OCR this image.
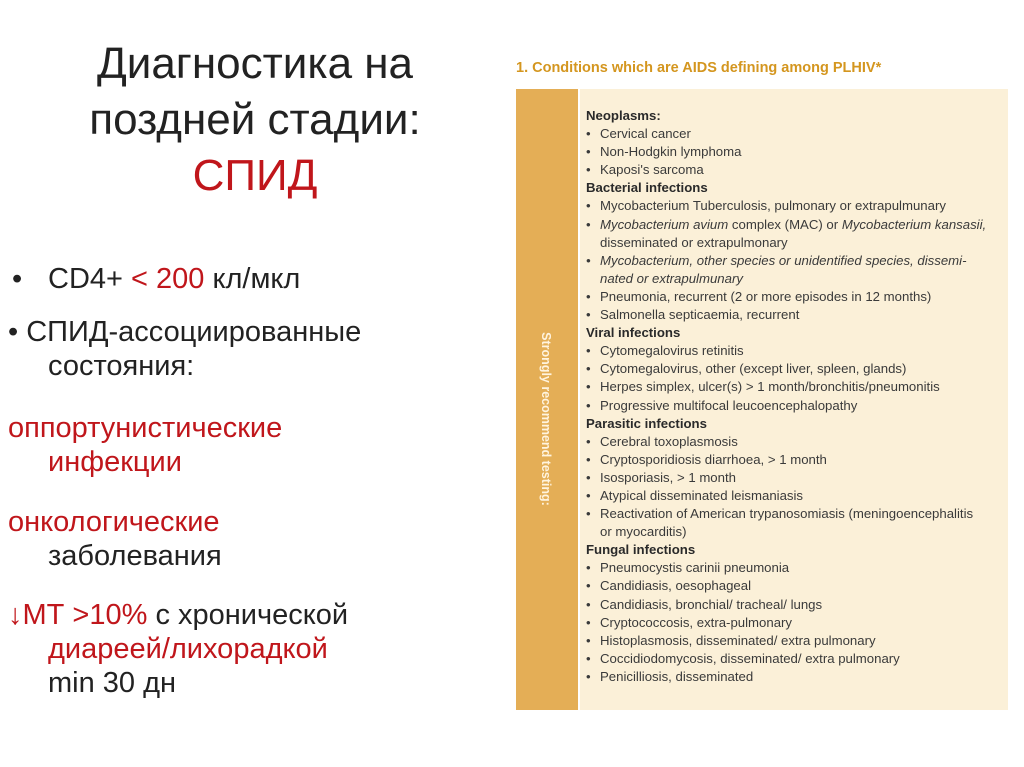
Диагностика на
поздней стадии:
СПИД
• CD4+ < 200 кл/мкл
• СПИД-ассоциированные
состояния:
оппортунистические
инфекции
онкологические
заболевания
↓МТ >10% с хронической
диареей/лихорадкой
min 30 дн
1. Conditions which are AIDS defining among PLHIV*
Strongly recommend testing:
Neoplasms:
• Cervical cancer
• Non-Hodgkin lymphoma
• Kaposi's sarcoma
Bacterial infections
• Mycobacterium Tuberculosis, pulmonary or extrapulmunary
• Mycobacterium avium complex (MAC) or Mycobacterium kansasii,
disseminated or extrapulmonary
• Mycobacterium, other species or unidentified species, dissemi-
nated or extrapulmunary
• Pneumonia, recurrent (2 or more episodes in 12 months)
• Salmonella septicaemia, recurrent
Viral infections
• Cytomegalovirus retinitis
• Cytomegalovirus, other (except liver, spleen, glands)
• Herpes simplex, ulcer(s) > 1 month/bronchitis/pneumonitis
• Progressive multifocal leucoencephalopathy
Parasitic infections
• Cerebral toxoplasmosis
• Cryptosporidiosis diarrhoea, > 1 month
• Isosporiasis, > 1 month
• Atypical disseminated leismaniasis
• Reactivation of American trypanosomiasis (meningoencephalitis
or myocarditis)
Fungal infections
• Pneumocystis carinii pneumonia
• Candidiasis, oesophageal
• Candidiasis, bronchial/ tracheal/ lungs
• Cryptococcosis, extra-pulmonary
• Histoplasmosis, disseminated/ extra pulmonary
• Coccidiodomycosis, disseminated/ extra pulmonary
• Penicilliosis, disseminated
